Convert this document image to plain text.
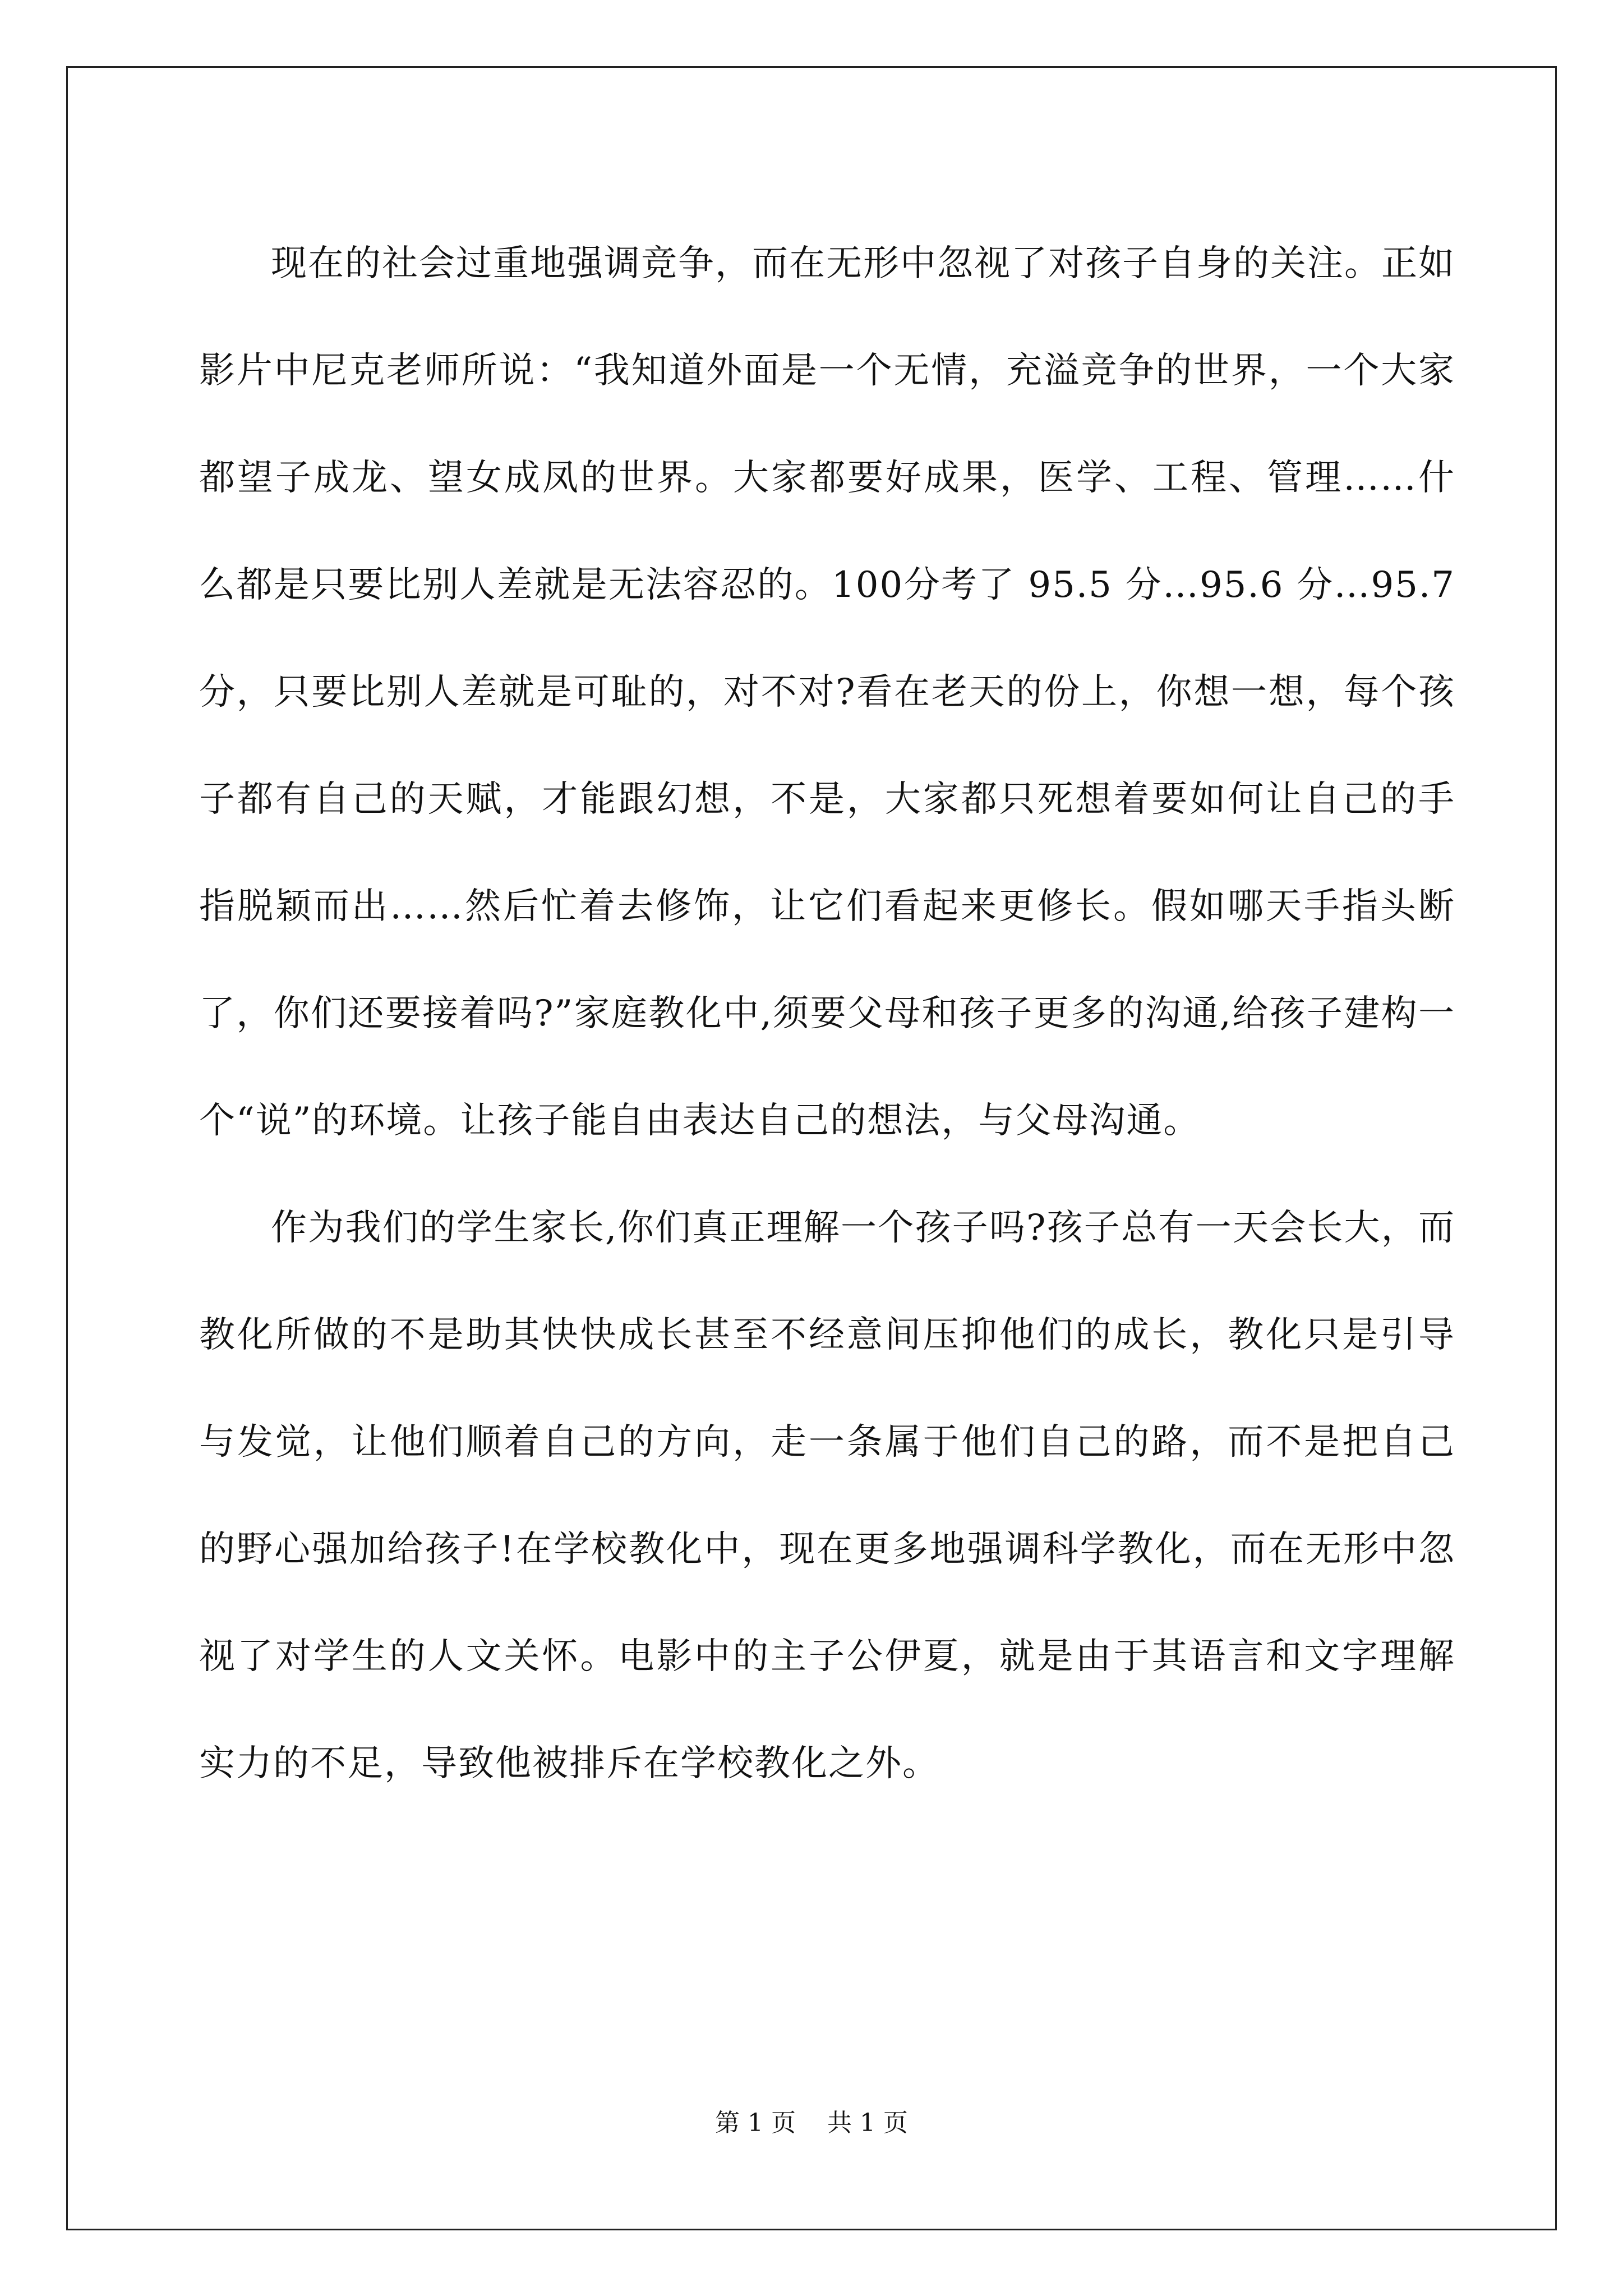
现在的社会过重地强调竞争，而在无形中忽视了对孩子自身的关注。正如影片中尼克老师所说：“我知道外面是一个无情，充溢竞争的世界，一个大家都望子成龙、望女成凤的世界。大家都要好成果，医学、工程、管理……什么都是只要比别人差就是无法容忍的。100分考了 95.5 分…95.6 分…95.7 分，只要比别人差就是可耻的，对不对?看在老天的份上，你想一想，每个孩子都有自己的天赋，才能跟幻想，不是，大家都只死想着要如何让自己的手指脱颖而出……然后忙着去修饰，让它们看起来更修长。假如哪天手指头断了，你们还要接着吗?”家庭教化中,须要父母和孩子更多的沟通,给孩子建构一个“说”的环境。让孩子能自由表达自己的想法，与父母沟通。

作为我们的学生家长,你们真正理解一个孩子吗?孩子总有一天会长大，而教化所做的不是助其快快成长甚至不经意间压抑他们的成长，教化只是引导与发觉，让他们顺着自己的方向，走一条属于他们自己的路，而不是把自己的野心强加给孩子!在学校教化中，现在更多地强调科学教化，而在无形中忽视了对学生的人文关怀。电影中的主子公伊夏，就是由于其语言和文字理解实力的不足，导致他被排斥在学校教化之外。

第 1 页    共 1 页
